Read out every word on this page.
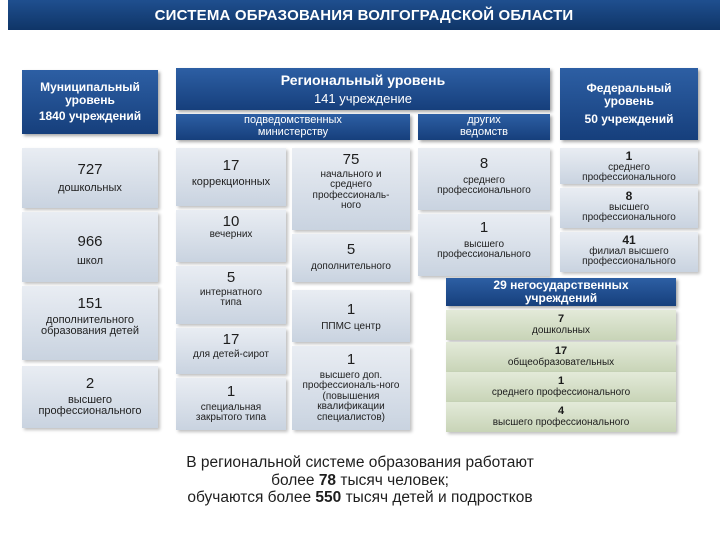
СИСТЕМА ОБРАЗОВАНИЯ ВОЛГОГРАДСКОЙ ОБЛАСТИ
Муниципальный
уровень
1840 учреждений
727
дошкольных
966
школ
151
дополнительного образования детей
2
высшего профессионального
Региональный уровень
141 учреждение
подведомственных министерству
других ведомств
17
коррекционных
10
вечерних
5
интернатного типа
17
для детей-сирот
1
специальная закрытого типа
75
начального и среднего профессиональ-ного
5
дополнительного
1
ППМС центр
1
высшего доп. профессиональ-ного (повышения квалификации специалистов)
8
среднего профессионального
1
высшего профессионального
Федеральный
уровень
50 учреждений
1
среднего профессионального
8
высшего профессионального
41
филиал высшего профессионального
29 негосударственных учреждений
7
дошкольных
17
общеобразовательных
1
среднего профессионального
4
высшего профессионального
В региональной системе образования работают
более 78 тысяч человек;
обучаются более 550 тысяч детей и подростков
